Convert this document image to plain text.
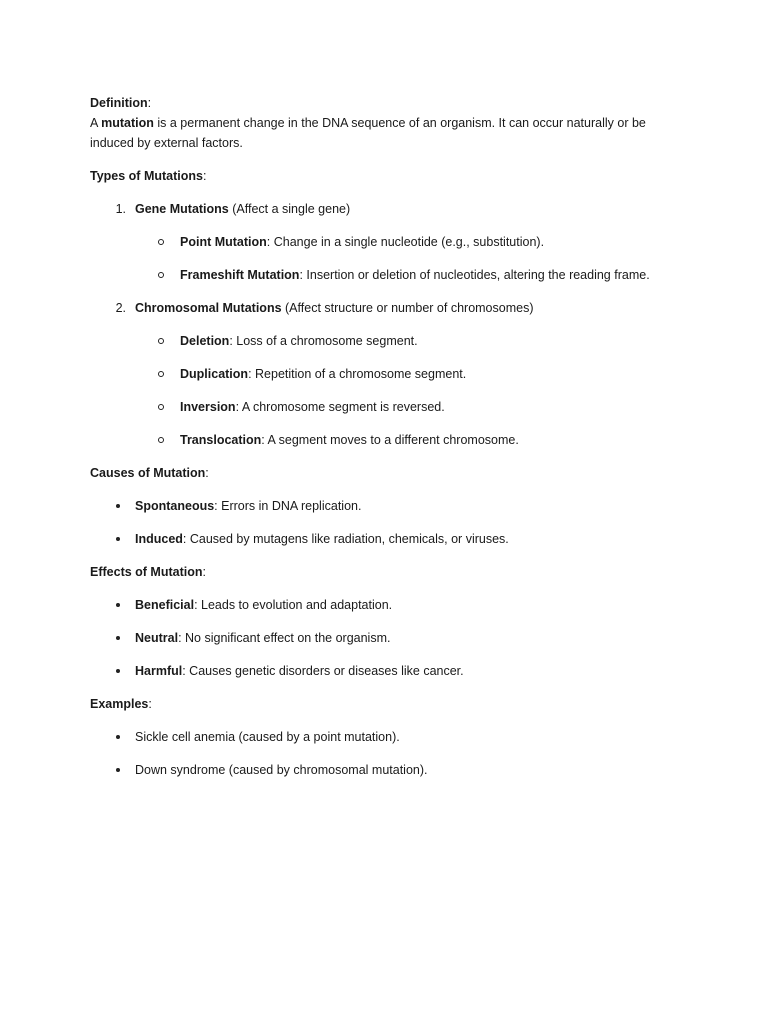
Definition:
A mutation is a permanent change in the DNA sequence of an organism. It can occur naturally or be
induced by external factors.
Types of Mutations:
1. Gene Mutations (Affect a single gene)
Point Mutation: Change in a single nucleotide (e.g., substitution).
Frameshift Mutation: Insertion or deletion of nucleotides, altering the reading frame.
2. Chromosomal Mutations (Affect structure or number of chromosomes)
Deletion: Loss of a chromosome segment.
Duplication: Repetition of a chromosome segment.
Inversion: A chromosome segment is reversed.
Translocation: A segment moves to a different chromosome.
Causes of Mutation:
Spontaneous: Errors in DNA replication.
Induced: Caused by mutagens like radiation, chemicals, or viruses.
Effects of Mutation:
Beneficial: Leads to evolution and adaptation.
Neutral: No significant effect on the organism.
Harmful: Causes genetic disorders or diseases like cancer.
Examples:
Sickle cell anemia (caused by a point mutation).
Down syndrome (caused by chromosomal mutation).
